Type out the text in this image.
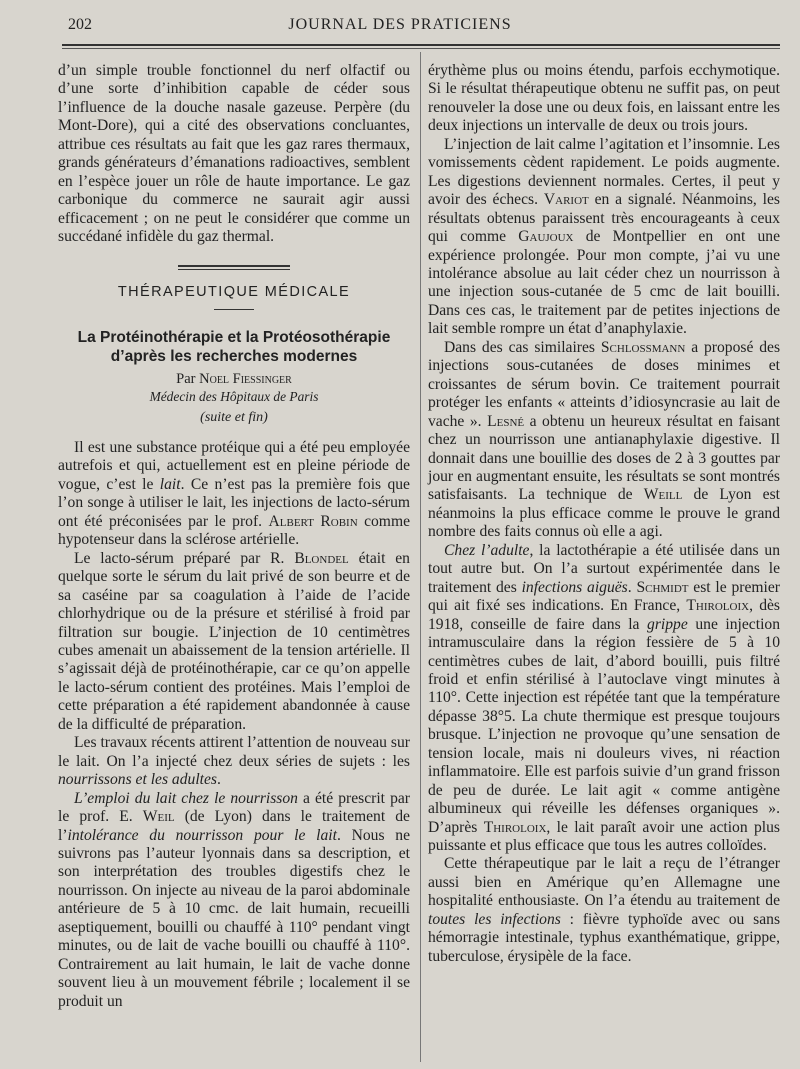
202	JOURNAL DES PRATICIENS

d’un simple trouble fonctionnel du nerf olfactif ou d’une sorte d’inhibition capable de céder sous l’influence de la douche nasale gazeuse. Perpère (du Mont-Dore), qui a cité des observations concluantes, attribue ces résultats au fait que les gaz rares thermaux, grands générateurs d’émanations radioactives, semblent en l’espèce jouer un rôle de haute importance. Le gaz carbonique du commerce ne saurait agir aussi efficacement ; on ne peut le considérer que comme un succédané infidèle du gaz thermal.

THÉRAPEUTIQUE MÉDICALE
La Protéinothérapie et la Protéosothérapie d’après les recherches modernes
Par Noel Fiessinger
Médecin des Hôpitaux de Paris
(suite et fin)

Il est une substance protéique qui a été peu employée autrefois et qui, actuellement est en pleine période de vogue, c’est le lait. Ce n’est pas la première fois que l’on songe à utiliser le lait, les injections de lacto-sérum ont été préconisées par le prof. Albert Robin comme hypotenseur dans la sclérose artérielle.

Le lacto-sérum préparé par R. Blondel était en quelque sorte le sérum du lait privé de son beurre et de sa caséine par sa coagulation à l’aide de l’acide chlorhydrique ou de la présure et stérilisé à froid par filtration sur bougie. L’injection de 10 centimètres cubes amenait un abaissement de la tension artérielle. Il s’agissait déjà de protéinothérapie, car ce qu’on appelle le lacto-sérum contient des protéines. Mais l’emploi de cette préparation a été rapidement abandonnée à cause de la difficulté de préparation.

Les travaux récents attirent l’attention de nouveau sur le lait. On l’a injecté chez deux séries de sujets : les nourrissons et les adultes.

L’emploi du lait chez le nourrisson a été prescrit par le prof. E. Weil (de Lyon) dans le traitement de l’intolérance du nourrisson pour le lait. Nous ne suivrons pas l’auteur lyonnais dans sa description, et son interprétation des troubles digestifs chez le nourrisson. On injecte au niveau de la paroi abdominale antérieure de 5 à 10 cmc. de lait humain, recueilli aseptiquement, bouilli ou chauffé à 110° pendant vingt minutes, ou de lait de vache bouilli ou chauffé à 110°. Contrairement au lait humain, le lait de vache donne souvent lieu à un mouvement fébrile ; localement il se produit un

érythème plus ou moins étendu, parfois ecchymotique. Si le résultat thérapeutique obtenu ne suffit pas, on peut renouveler la dose une ou deux fois, en laissant entre les deux injections un intervalle de deux ou trois jours.

L’injection de lait calme l’agitation et l’insomnie. Les vomissements cèdent rapidement. Le poids augmente. Les digestions deviennent normales. Certes, il peut y avoir des échecs. Variot en a signalé. Néanmoins, les résultats obtenus paraissent très encourageants à ceux qui comme Gaujoux de Montpellier en ont une expérience prolongée. Pour mon compte, j’ai vu une intolérance absolue au lait céder chez un nourrisson à une injection sous-cutanée de 5 cmc de lait bouilli. Dans ces cas, le traitement par de petites injections de lait semble rompre un état d’anaphylaxie.

Dans des cas similaires Schlossmann a proposé des injections sous-cutanées de doses minimes et croissantes de sérum bovin. Ce traitement pourrait protéger les enfants « atteints d’idiosyncrasie au lait de vache ». Lesné a obtenu un heureux résultat en faisant chez un nourrisson une antianaphylaxie digestive. Il donnait dans une bouillie des doses de 2 à 3 gouttes par jour en augmentant ensuite, les résultats se sont montrés satisfaisants. La technique de Weill de Lyon est néanmoins la plus efficace comme le prouve le grand nombre des faits connus où elle a agi.

Chez l’adulte, la lactothérapie a été utilisée dans un tout autre but. On l’a surtout expérimentée dans le traitement des infections aiguës. Schmidt est le premier qui ait fixé ses indications. En France, Thiroloix, dès 1918, conseille de faire dans la grippe une injection intramusculaire dans la région fessière de 5 à 10 centimètres cubes de lait, d’abord bouilli, puis filtré froid et enfin stérilisé à l’autoclave vingt minutes à 110°. Cette injection est répétée tant que la température dépasse 38°5. La chute thermique est presque toujours brusque. L’injection ne provoque qu’une sensation de tension locale, mais ni douleurs vives, ni réaction inflammatoire. Elle est parfois suivie d’un grand frisson de peu de durée. Le lait agit « comme antigène albumineux qui réveille les défenses organiques ». D’après Thiroloix, le lait paraît avoir une action plus puissante et plus efficace que tous les autres colloïdes.

Cette thérapeutique par le lait a reçu de l’étranger aussi bien en Amérique qu’en Allemagne une hospitalité enthousiaste. On l’a étendu au traitement de toutes les infections : fièvre typhoïde avec ou sans hémorragie intestinale, typhus exanthématique, grippe, tuberculose, érysipèle de la face.
